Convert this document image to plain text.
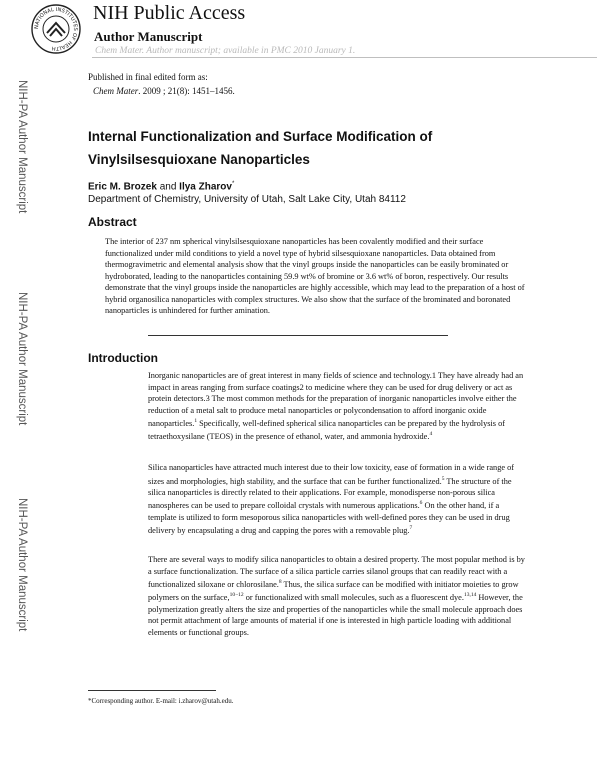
NATIONAL INSTITUTES OF HEALTH
NIH Public Access
Author Manuscript
Chem Mater. Author manuscript; available in PMC 2010 January 1.
Published in final edited form as:
Chem Mater. 2009 ; 21(8): 1451–1456.
NIH-PA Author Manuscript
NIH-PA Author Manuscript
NIH-PA Author Manuscript
Internal Functionalization and Surface Modification of Vinylsilsesquioxane Nanoparticles
Eric M. Brozek and Ilya Zharov*
Department of Chemistry, University of Utah, Salt Lake City, Utah 84112
Abstract
The interior of 237 nm spherical vinylsilsesquioxane nanoparticles has been covalently modified and their surface functionalized under mild conditions to yield a novel type of hybrid silsesquioxane nanoparticles. Data obtained from thermogravimetric and elemental analysis show that the vinyl groups inside the nanoparticles can be easily brominated or hydroborated, leading to the nanoparticles containing 59.9 wt% of bromine or 3.6 wt% of boron, respectively. Our results demonstrate that the vinyl groups inside the nanoparticles are highly accessible, which may lead to the preparation of a host of hybrid organosilica nanoparticles with complex structures. We also show that the surface of the brominated and boronated nanoparticles is unhindered for further amination.
Introduction
Inorganic nanoparticles are of great interest in many fields of science and technology.1 They have already had an impact in areas ranging from surface coatings2 to medicine where they can be used for drug delivery or act as protein detectors.3 The most common methods for the preparation of inorganic nanoparticles involve either the reduction of a metal salt to produce metal nanoparticles or polycondensation to afford inorganic oxide nanoparticles.$^1$ Specifically, well-defined spherical silica nanoparticles can be prepared by the hydrolysis of tetraethoxysilane (TEOS) in the presence of ethanol, water, and ammonia hydroxide.$^4$
Silica nanoparticles have attracted much interest due to their low toxicity, ease of formation in a wide range of sizes and morphologies, high stability, and the surface that can be further functionalized.$^5$ The structure of the silica nanoparticles is directly related to their applications. For example, monodisperse non-porous silica nanospheres can be used to prepare colloidal crystals with numerous applications.$^6$ On the other hand, if a template is utilized to form mesoporous silica nanoparticles with well-defined pores they can be used in drug delivery by encapsulating a drug and capping the pores with a removable plug.$^7$
There are several ways to modify silica nanoparticles to obtain a desired property. The most popular method is by a surface functionalization. The surface of a silica particle carries silanol groups that can readily react with a functionalized siloxane or chlorosilane.$^8$ Thus, the silica surface can be modified with initiator moieties to grow polymers on the surface,$^{10-12}$ or functionalized with small molecules, such as a fluorescent dye.$^{13,14}$ However, the polymerization greatly alters the size and properties of the nanoparticles while the small molecule approach does not permit attachment of large amounts of material if one is interested in high particle loading with additional elements or functional groups.
*Corresponding author. E-mail: i.zharov@utah.edu.
